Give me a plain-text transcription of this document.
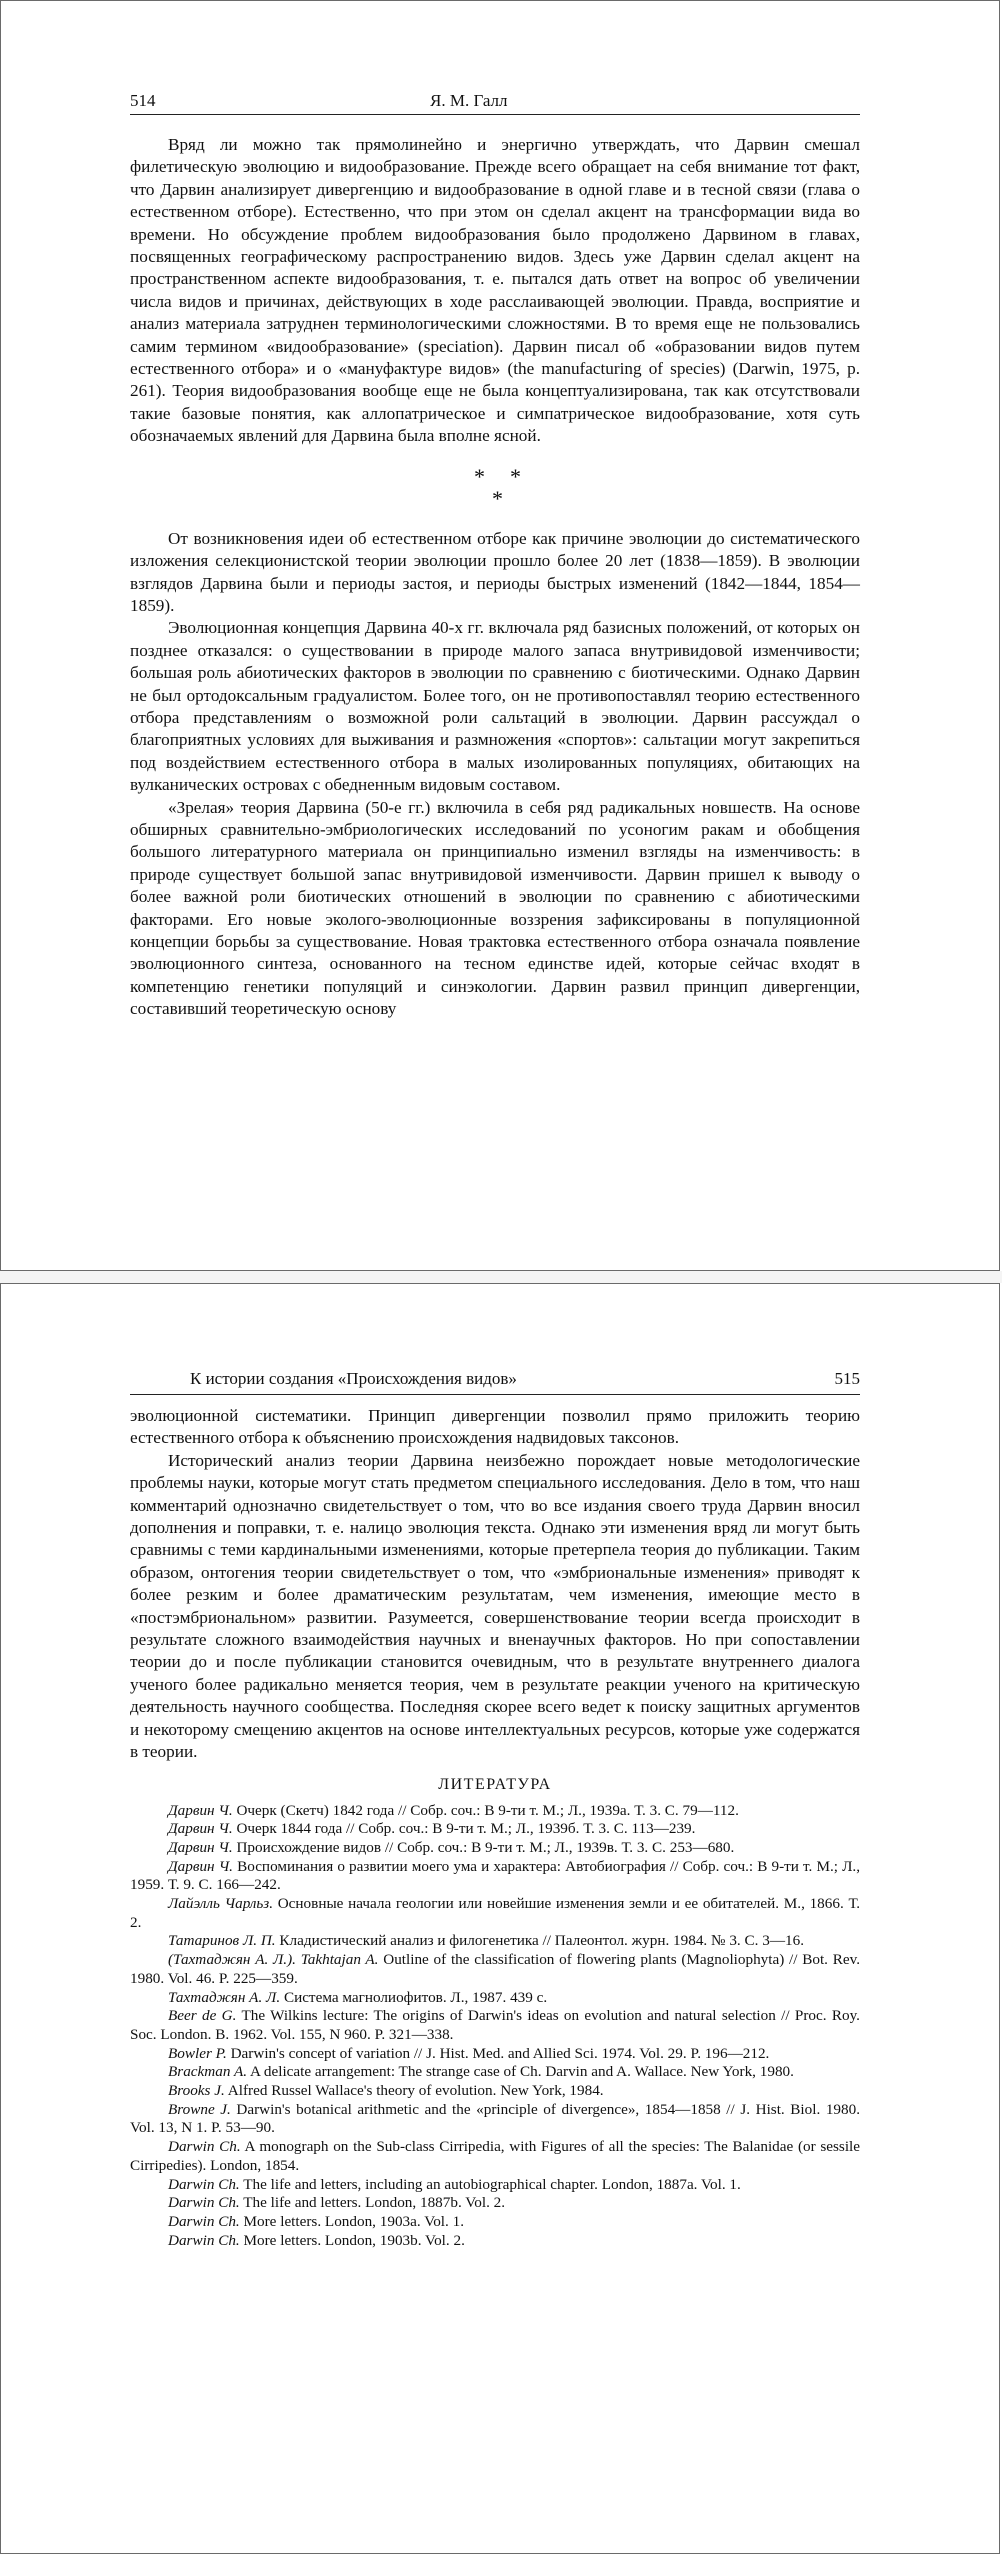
514	Я. М. Галл

Вряд ли можно так прямолинейно и энергично утверждать, что Дарвин смешал филетическую эволюцию и видообразование. Прежде всего обращает на себя внимание тот факт, что Дарвин анализирует дивергенцию и видообразование в одной главе и в тесной связи (глава о естественном отборе). Естественно, что при этом он сделал акцент на трансформации вида во времени. Но обсуждение проблем видообразования было продолжено Дарвином в главах, посвященных географическому распространению видов. Здесь уже Дарвин сделал акцент на пространственном аспекте видообразования, т. е. пытался дать ответ на вопрос об увеличении числа видов и причинах, действующих в ходе расслаивающей эволюции. Правда, восприятие и анализ материала затруднен терминологическими сложностями. В то время еще не пользовались самим термином «видообразование» (speciation). Дарвин писал об «образовании видов путем естественного отбора» и о «мануфактуре видов» (the manufacturing of species) (Darwin, 1975, p. 261). Теория видообразования вообще еще не была концептуализирована, так как отсутствовали такие базовые понятия, как аллопатрическое и симпатрическое видообразование, хотя суть обозначаемых явлений для Дарвина была вполне ясной.

* *
*

От возникновения идеи об естественном отборе как причине эволюции до систематического изложения селекционистской теории эволюции прошло более 20 лет (1838—1859). В эволюции взглядов Дарвина были и периоды застоя, и периоды быстрых изменений (1842—1844, 1854—1859).

Эволюционная концепция Дарвина 40-х гг. включала ряд базисных положений, от которых он позднее отказался: о существовании в природе малого запаса внутривидовой изменчивости; большая роль абиотических факторов в эволюции по сравнению с биотическими. Однако Дарвин не был ортодоксальным градуалистом. Более того, он не противопоставлял теорию естественного отбора представлениям о возможной роли сальтаций в эволюции. Дарвин рассуждал о благоприятных условиях для выживания и размножения «спортов»: сальтации могут закрепиться под воздействием естественного отбора в малых изолированных популяциях, обитающих на вулканических островах с обедненным видовым составом.

«Зрелая» теория Дарвина (50-е гг.) включила в себя ряд радикальных новшеств. На основе обширных сравнительно-эмбриологических исследований по усоногим ракам и обобщения большого литературного материала он принципиально изменил взгляды на изменчивость: в природе существует большой запас внутривидовой изменчивости. Дарвин пришел к выводу о более важной роли биотических отношений в эволюции по сравнению с абиотическими факторами. Его новые эколого-эволюционные воззрения зафиксированы в популяционной концепции борьбы за существование. Новая трактовка естественного отбора означала появление эволюционного синтеза, основанного на тесном единстве идей, которые сейчас входят в компетенцию генетики популяций и синэкологии. Дарвин развил принцип дивергенции, составивший теоретическую основу

К истории создания «Происхождения видов»	515

эволюционной систематики. Принцип дивергенции позволил прямо приложить теорию естественного отбора к объяснению происхождения надвидовых таксонов.

Исторический анализ теории Дарвина неизбежно порождает новые методологические проблемы науки, которые могут стать предметом специального исследования. Дело в том, что наш комментарий однозначно свидетельствует о том, что во все издания своего труда Дарвин вносил дополнения и поправки, т. е. налицо эволюция текста. Однако эти изменения вряд ли могут быть сравнимы с теми кардинальными изменениями, которые претерпела теория до публикации. Таким образом, онтогения теории свидетельствует о том, что «эмбриональные изменения» приводят к более резким и более драматическим результатам, чем изменения, имеющие место в «постэмбриональном» развитии. Разумеется, совершенствование теории всегда происходит в результате сложного взаимодействия научных и вненаучных факторов. Но при сопоставлении теории до и после публикации становится очевидным, что в результате внутреннего диалога ученого более радикально меняется теория, чем в результате реакции ученого на критическую деятельность научного сообщества. Последняя скорее всего ведет к поиску защитных аргументов и некоторому смещению акцентов на основе интеллектуальных ресурсов, которые уже содержатся в теории.

ЛИТЕРАТУРА

Дарвин Ч. Очерк (Скетч) 1842 года // Собр. соч.: В 9-ти т. М.; Л., 1939а. Т. 3. С. 79—112.

Дарвин Ч. Очерк 1844 года // Собр. соч.: В 9-ти т. М.; Л., 1939б. Т. 3. С. 113—239.

Дарвин Ч. Происхождение видов // Собр. соч.: В 9-ти т. М.; Л., 1939в. Т. 3. С. 253—680.

Дарвин Ч. Воспоминания о развитии моего ума и характера: Автобиография // Собр. соч.: В 9-ти т. М.; Л., 1959. Т. 9. С. 166—242.

Лайэлль Чарльз. Основные начала геологии или новейшие изменения земли и ее обитателей. М., 1866. Т. 2.

Татаринов Л. П. Кладистический анализ и филогенетика // Палеонтол. журн. 1984. № 3. С. 3—16.

(Тахтаджян А. Л.). Takhtajan A. Outline of the classification of flowering plants (Magnoliophyta) // Bot. Rev. 1980. Vol. 46. P. 225—359.

Тахтаджян А. Л. Система магнолиофитов. Л., 1987. 439 с.

Beer de G. The Wilkins lecture: The origins of Darwin's ideas on evolution and natural selection // Proc. Roy. Soc. London. B. 1962. Vol. 155, N 960. P. 321—338.

Bowler P. Darwin's concept of variation // J. Hist. Med. and Allied Sci. 1974. Vol. 29. P. 196—212.

Brackman A. A delicate arrangement: The strange case of Ch. Darvin and A. Wallace. New York, 1980.

Brooks J. Alfred Russel Wallace's theory of evolution. New York, 1984.

Browne J. Darwin's botanical arithmetic and the «principle of divergence», 1854—1858 // J. Hist. Biol. 1980. Vol. 13, N 1. P. 53—90.

Darwin Ch. A monograph on the Sub-class Cirripedia, with Figures of all the species: The Balanidae (or sessile Cirripedies). London, 1854.

Darwin Ch. The life and letters, including an autobiographical chapter. London, 1887a. Vol. 1.

Darwin Ch. The life and letters. London, 1887b. Vol. 2.

Darwin Ch. More letters. London, 1903a. Vol. 1.

Darwin Ch. More letters. London, 1903b. Vol. 2.
